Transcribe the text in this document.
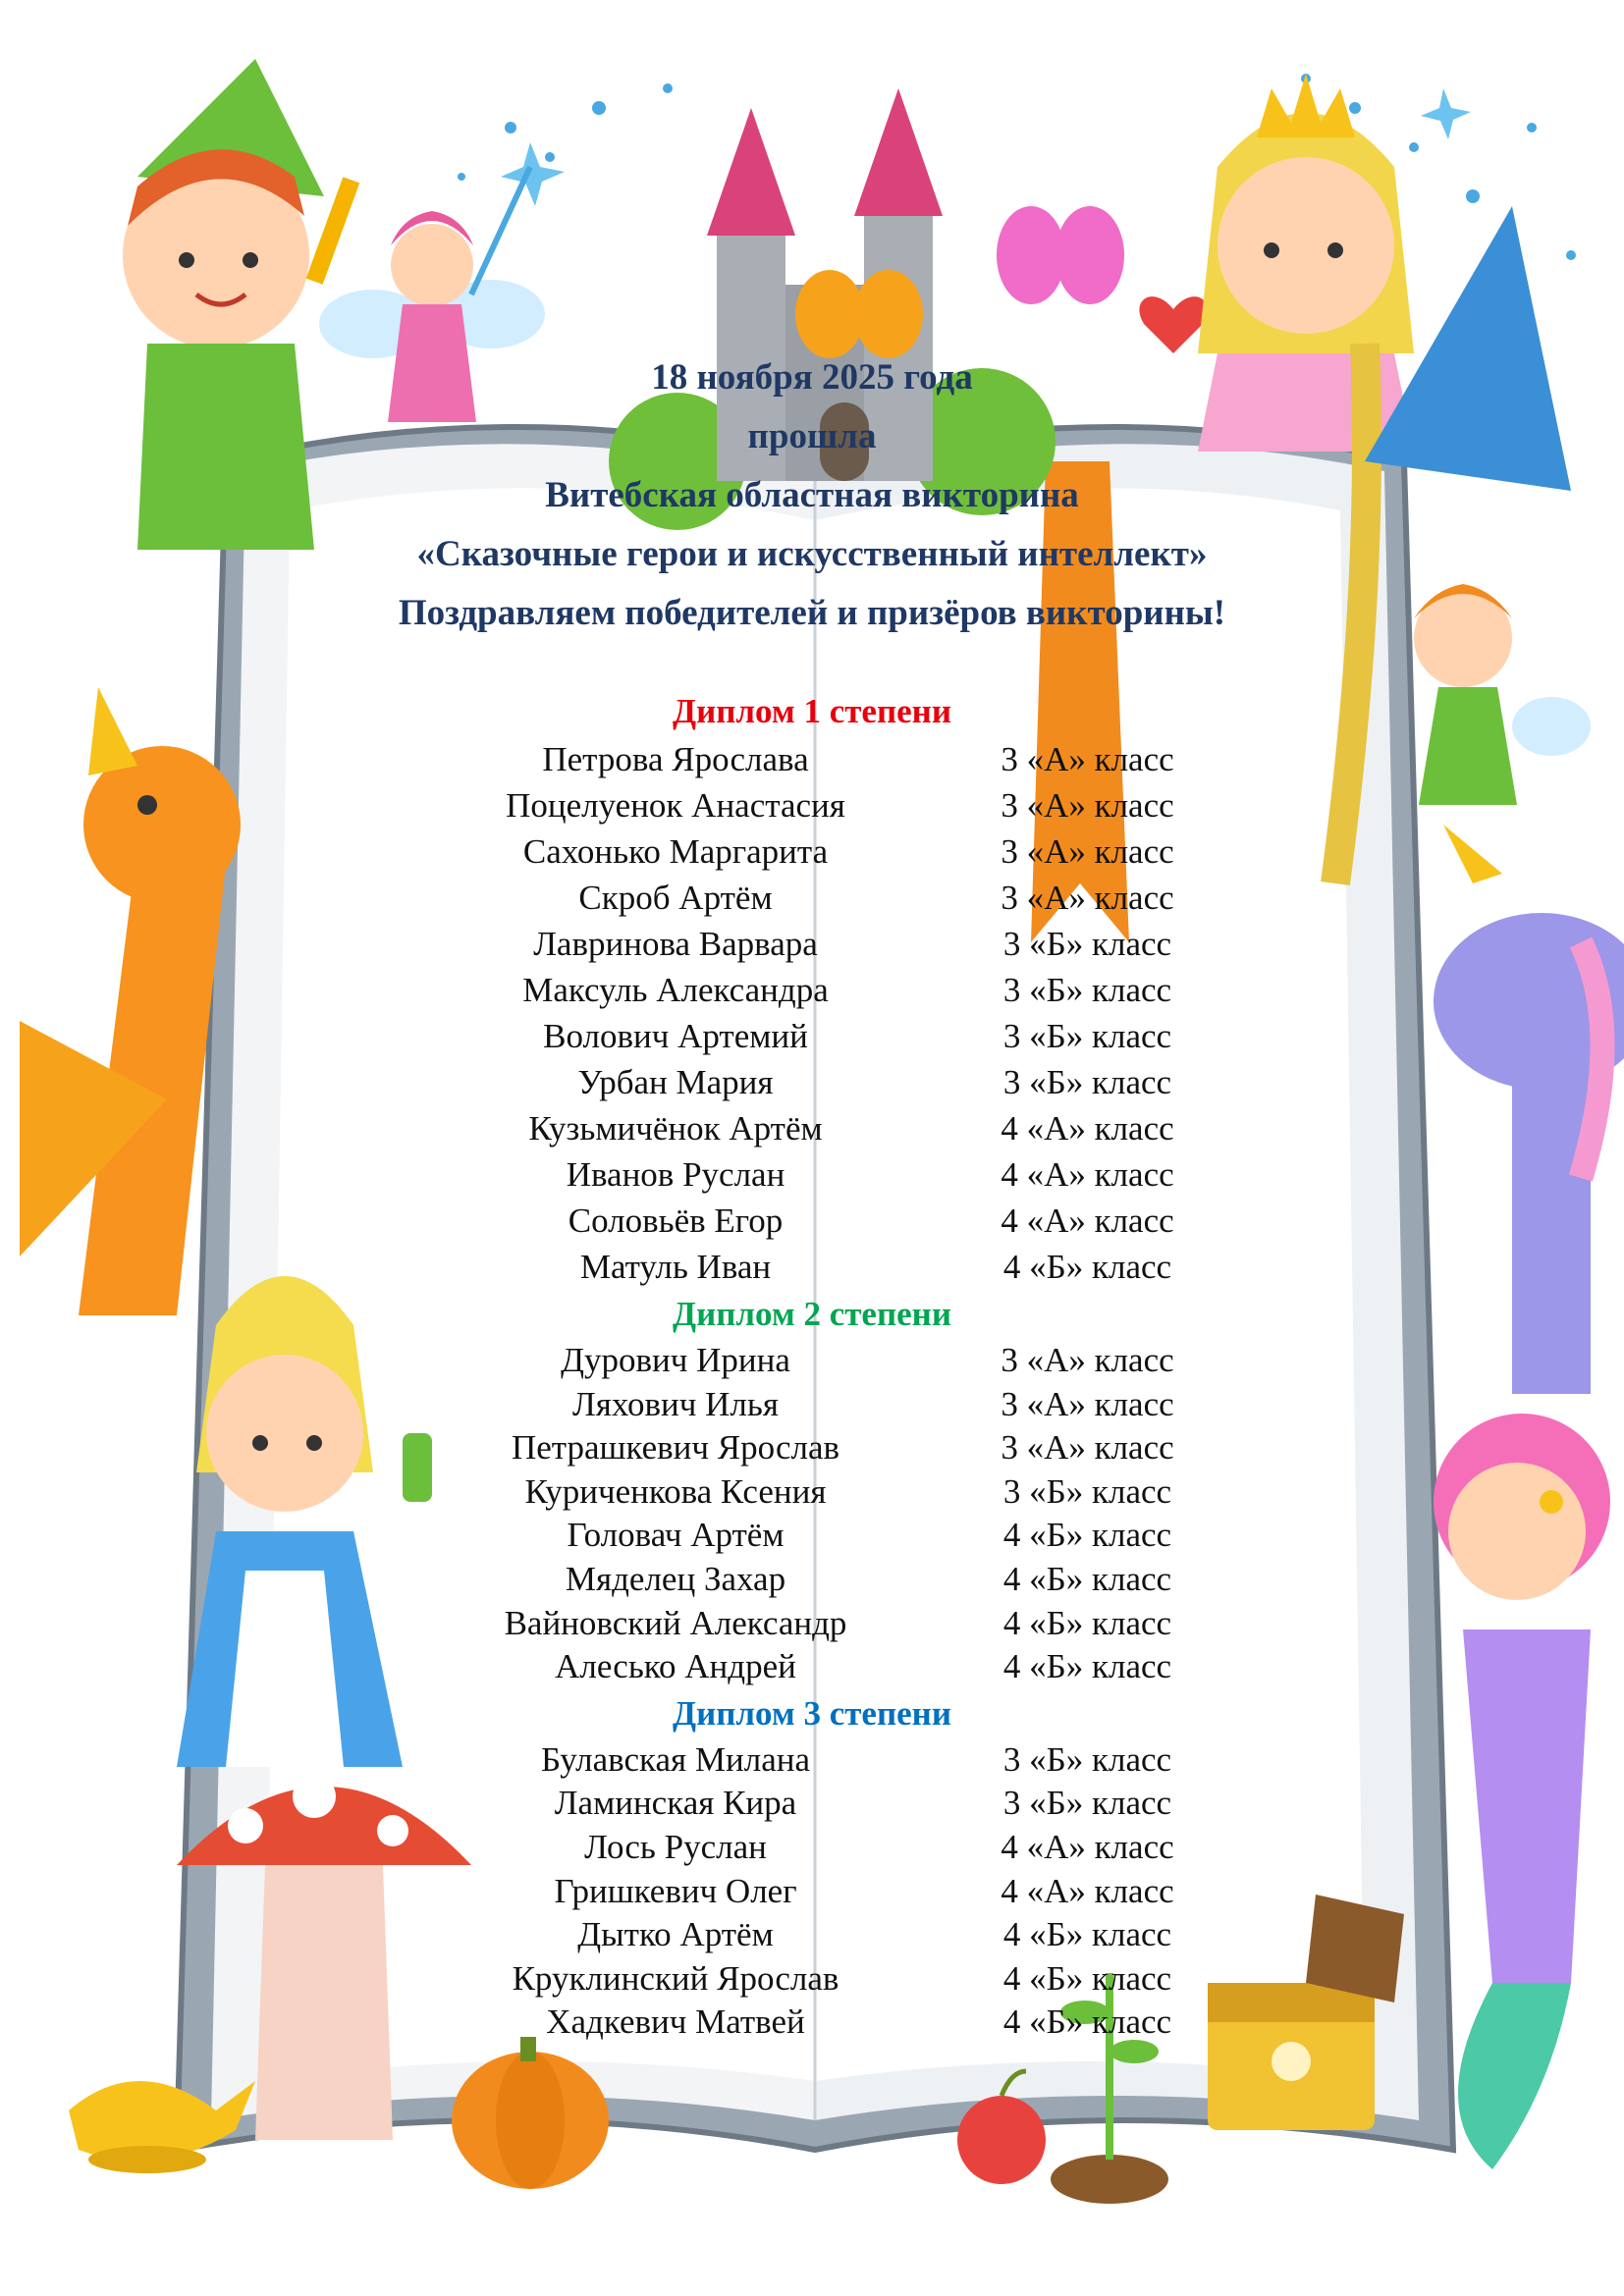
18 ноября 2025 года
прошла
Витебская областная викторина
«Сказочные герои и искусственный интеллект»
Поздравляем победителей и призёров викторины!
Диплом 1 степени
Петрова Ярослава	3 «А» класс
Поцелуенок Анастасия	3 «А» класс
Сахонько Маргарита	3 «А» класс
Скроб Артём	3 «А» класс
Лавринова Варвара	3 «Б» класс
Максуль Александра	3 «Б» класс
Волович Артемий	3 «Б» класс
Урбан Мария	3 «Б» класс
Кузьмичёнок Артём	4 «А» класс
Иванов Руслан	4 «А» класс
Соловьёв Егор	4 «А» класс
Матуль Иван	4 «Б» класс
Диплом 2 степени
Дурович Ирина	3 «А» класс
Ляхович Илья	3 «А» класс
Петрашкевич Ярослав	3 «А» класс
Куриченкова Ксения	3 «Б» класс
Головач Артём	4 «Б» класс
Мяделец Захар	4 «Б» класс
Вайновский Александр	4 «Б» класс
Алесько Андрей	4 «Б» класс
Диплом 3 степени
Булавская Милана	3 «Б» класс
Ламинская Кира	3 «Б» класс
Лось Руслан	4 «А» класс
Гришкевич Олег	4 «А» класс
Дытко Артём	4 «Б» класс
Круклинский Ярослав	4 «Б» класс
Хадкевич Матвей	4 «Б» класс
